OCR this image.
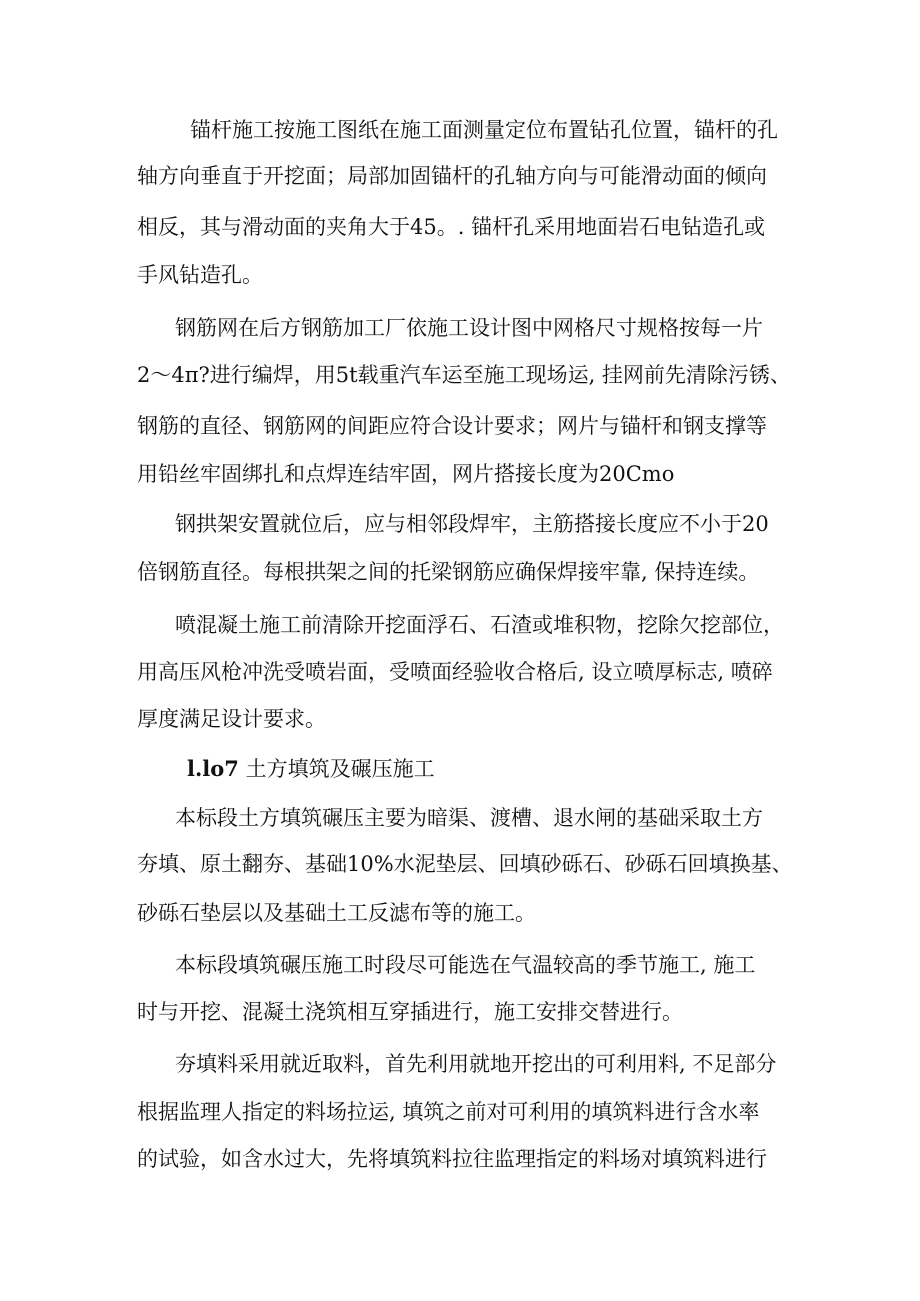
锚杆施工按施工图纸在施工面测量定位布置钻孔位置，锚杆的孔
轴方向垂直于开挖面；局部加固锚杆的孔轴方向与可能滑动面的倾向
相反，其与滑动面的夹角大于45。. 锚杆孔采用地面岩石电钻造孔或
手风钻造孔。
钢筋网在后方钢筋加工厂依施工设计图中网格尺寸规格按每一片
2～4π?进行编焊，用5t载重汽车运至施工现场运, 挂网前先清除污锈、
钢筋的直径、钢筋网的间距应符合设计要求；网片与锚杆和钢支撑等
用铅丝牢固绑扎和点焊连结牢固，网片搭接长度为20Cmo
钢拱架安置就位后，应与相邻段焊牢，主筋搭接长度应不小于20
倍钢筋直径。每根拱架之间的托梁钢筋应确保焊接牢靠, 保持连续。
喷混凝土施工前清除开挖面浮石、石渣或堆积物，挖除欠挖部位，
用高压风枪冲洗受喷岩面，受喷面经验收合格后, 设立喷厚标志, 喷碎
厚度满足设计要求。
l.lo7 土方填筑及碾压施工
本标段土方填筑碾压主要为暗渠、渡槽、退水闸的基础采取土方
夯填、原土翻夯、基础10%水泥垫层、回填砂砾石、砂砾石回填换基、
砂砾石垫层以及基础土工反滤布等的施工。
本标段填筑碾压施工时段尽可能选在气温较高的季节施工, 施工
时与开挖、混凝土浇筑相互穿插进行，施工安排交替进行。
夯填料采用就近取料，首先利用就地开挖出的可利用料, 不足部分
根据监理人指定的料场拉运, 填筑之前对可利用的填筑料进行含水率
的试验，如含水过大，先将填筑料拉往监理指定的料场对填筑料进行
